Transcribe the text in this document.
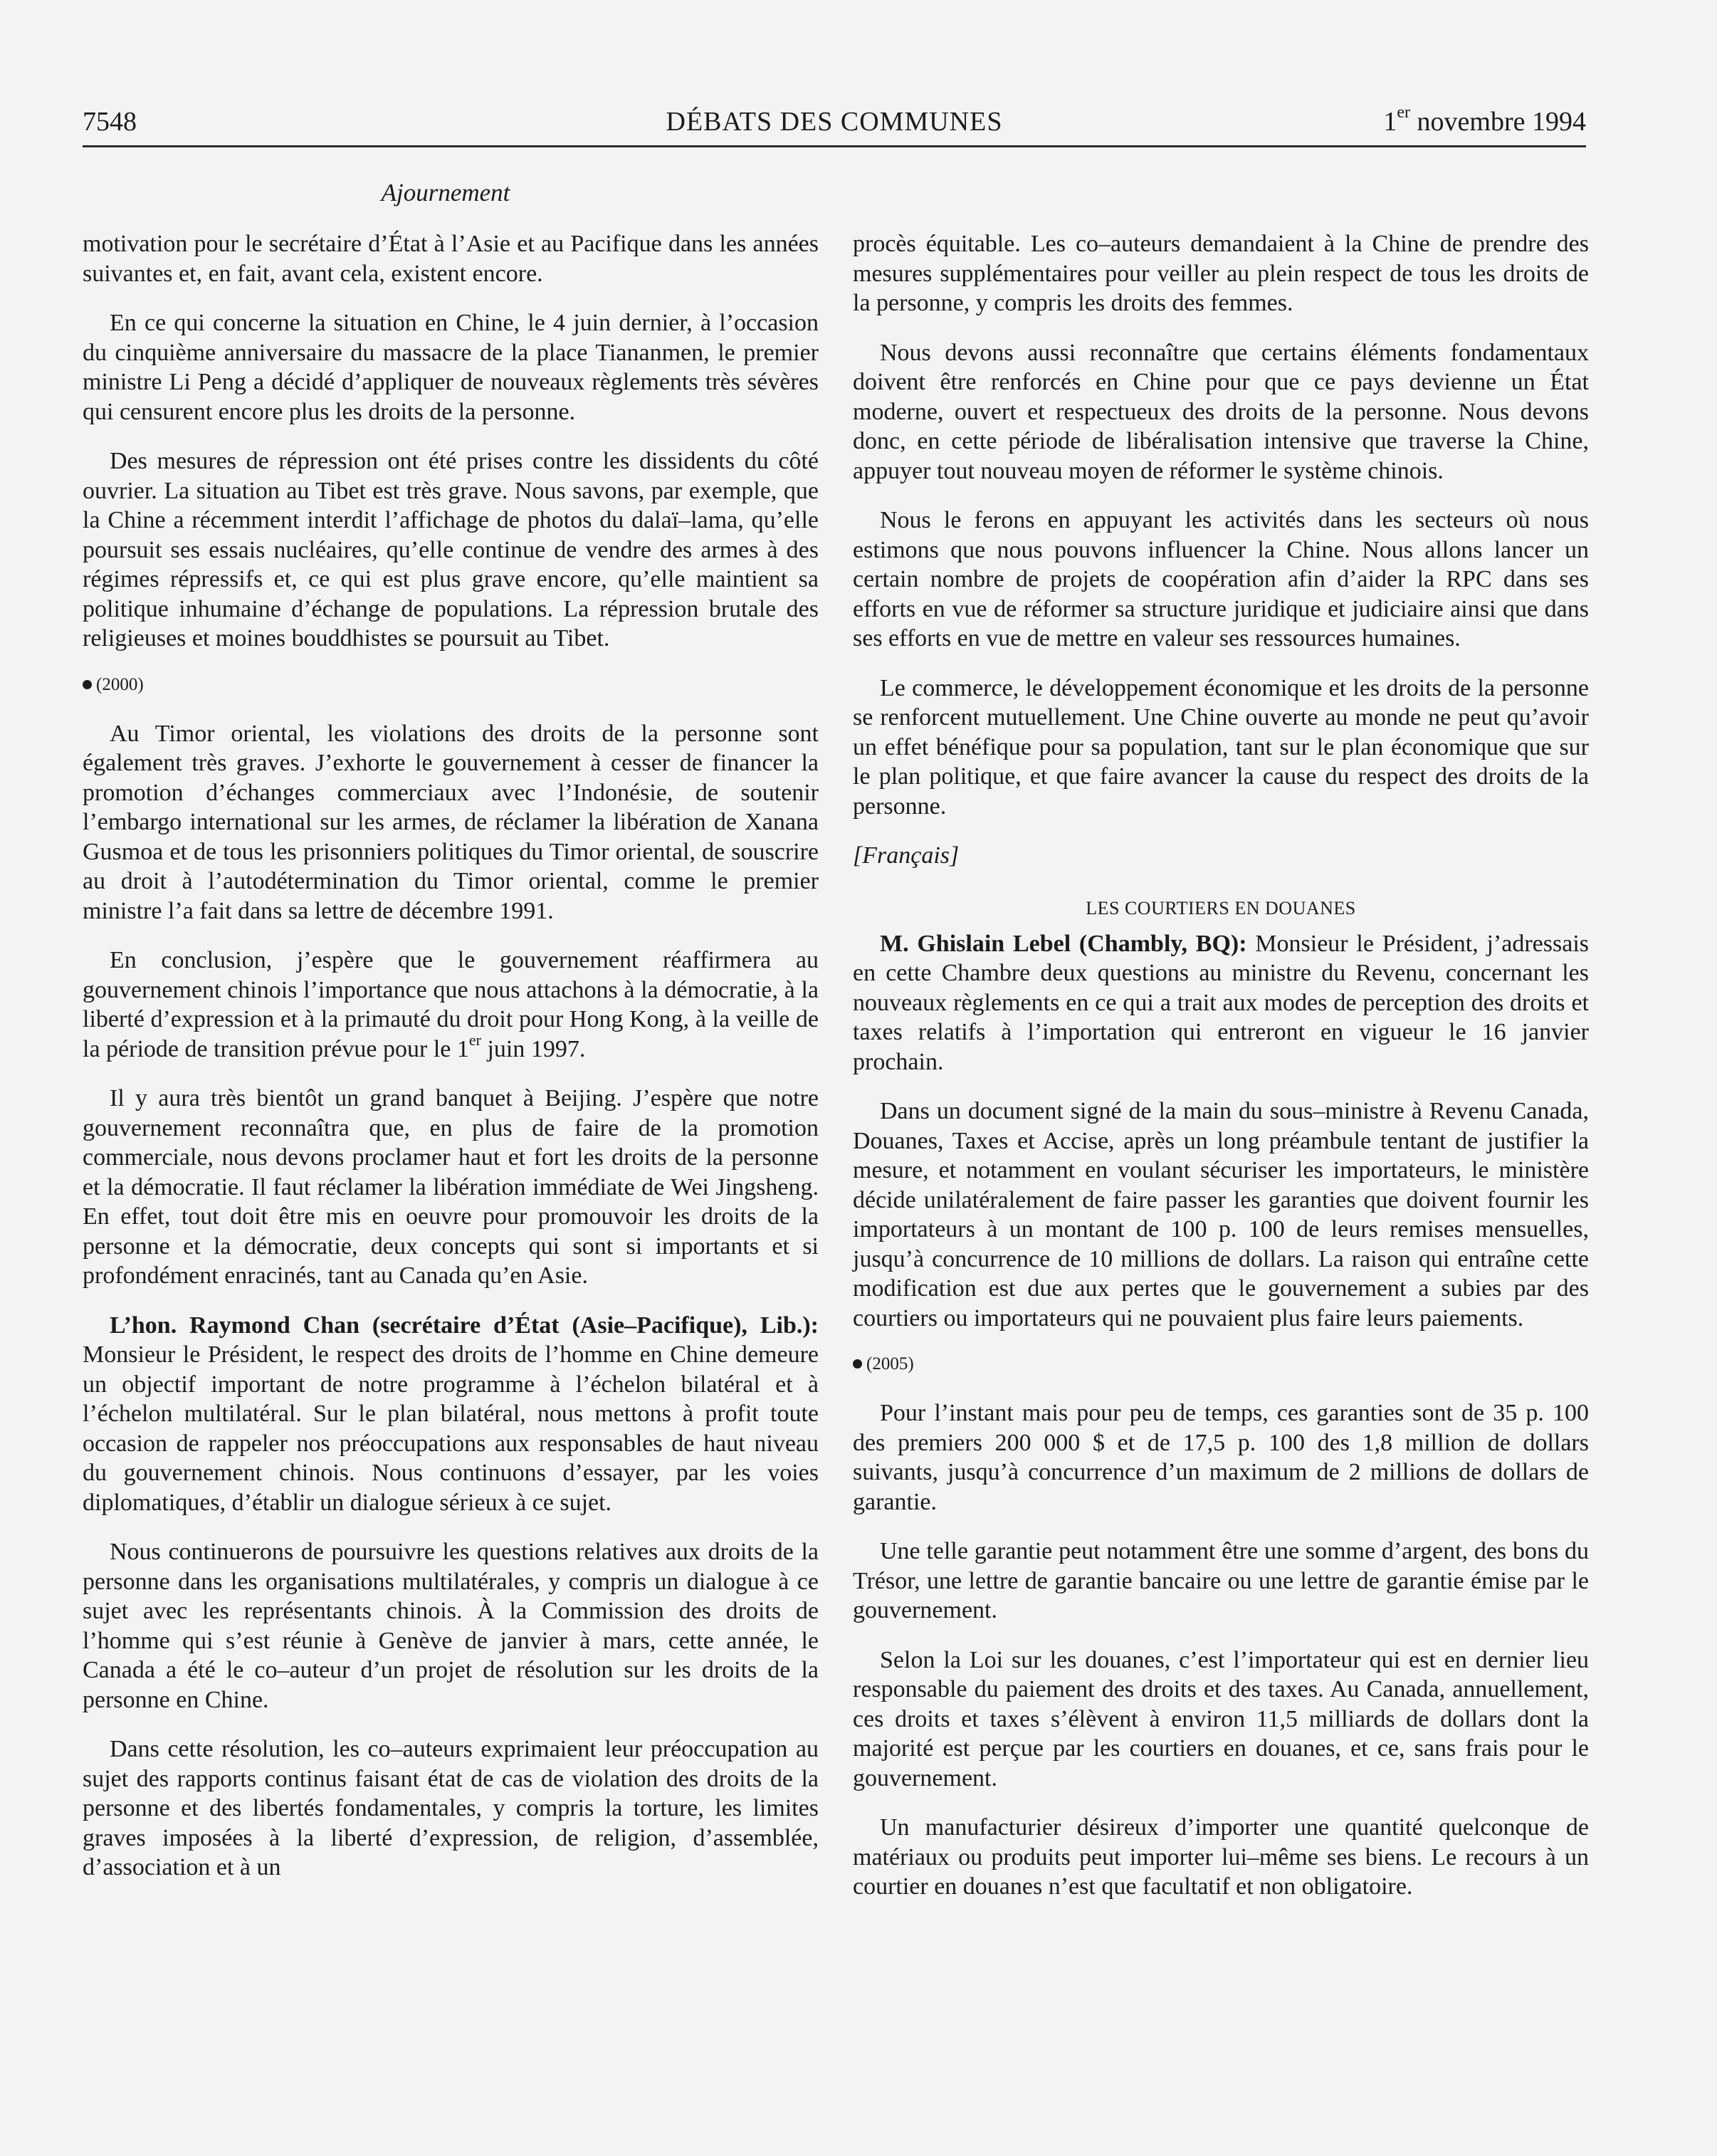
7548	DÉBATS DES COMMUNES	1er novembre 1994
Ajournement

motivation pour le secrétaire d’État à l’Asie et au Pacifique dans les années suivantes et, en fait, avant cela, existent encore.

En ce qui concerne la situation en Chine, le 4 juin dernier, à l’occasion du cinquième anniversaire du massacre de la place Tiananmen, le premier ministre Li Peng a décidé d’appliquer de nouveaux règlements très sévères qui censurent encore plus les droits de la personne.

Des mesures de répression ont été prises contre les dissidents du côté ouvrier. La situation au Tibet est très grave. Nous savons, par exemple, que la Chine a récemment interdit l’affichage de photos du dalaï–lama, qu’elle poursuit ses essais nucléaires, qu’elle continue de vendre des armes à des régimes répressifs et, ce qui est plus grave encore, qu’elle maintient sa politique inhumaine d’échange de populations. La répression brutale des religieuses et moines bouddhistes se poursuit au Tibet.

(2000)

Au Timor oriental, les violations des droits de la personne sont également très graves. J’exhorte le gouvernement à cesser de financer la promotion d’échanges commerciaux avec l’Indonésie, de soutenir l’embargo international sur les armes, de réclamer la libération de Xanana Gusmoa et de tous les prisonniers politiques du Timor oriental, de souscrire au droit à l’autodétermination du Timor oriental, comme le premier ministre l’a fait dans sa lettre de décembre 1991.

En conclusion, j’espère que le gouvernement réaffirmera au gouvernement chinois l’importance que nous attachons à la démocratie, à la liberté d’expression et à la primauté du droit pour Hong Kong, à la veille de la période de transition prévue pour le 1er juin 1997.

Il y aura très bientôt un grand banquet à Beijing. J’espère que notre gouvernement reconnaîtra que, en plus de faire de la promotion commerciale, nous devons proclamer haut et fort les droits de la personne et la démocratie. Il faut réclamer la libération immédiate de Wei Jingsheng. En effet, tout doit être mis en oeuvre pour promouvoir les droits de la personne et la démocratie, deux concepts qui sont si importants et si profondément enracinés, tant au Canada qu’en Asie.

L’hon. Raymond Chan (secrétaire d’État (Asie–Pacifique), Lib.): Monsieur le Président, le respect des droits de l’homme en Chine demeure un objectif important de notre programme à l’échelon bilatéral et à l’échelon multilatéral. Sur le plan bilatéral, nous mettons à profit toute occasion de rappeler nos préoccupations aux responsables de haut niveau du gouvernement chinois. Nous continuons d’essayer, par les voies diplomatiques, d’établir un dialogue sérieux à ce sujet.

Nous continuerons de poursuivre les questions relatives aux droits de la personne dans les organisations multilatérales, y compris un dialogue à ce sujet avec les représentants chinois. À la Commission des droits de l’homme qui s’est réunie à Genève de janvier à mars, cette année, le Canada a été le co–auteur d’un projet de résolution sur les droits de la personne en Chine.

Dans cette résolution, les co–auteurs exprimaient leur préoccupation au sujet des rapports continus faisant état de cas de violation des droits de la personne et des libertés fondamentales, y compris la torture, les limites graves imposées à la liberté d’expression, de religion, d’assemblée, d’association et à un

procès équitable. Les co–auteurs demandaient à la Chine de prendre des mesures supplémentaires pour veiller au plein respect de tous les droits de la personne, y compris les droits des femmes.

Nous devons aussi reconnaître que certains éléments fondamentaux doivent être renforcés en Chine pour que ce pays devienne un État moderne, ouvert et respectueux des droits de la personne. Nous devons donc, en cette période de libéralisation intensive que traverse la Chine, appuyer tout nouveau moyen de réformer le système chinois.

Nous le ferons en appuyant les activités dans les secteurs où nous estimons que nous pouvons influencer la Chine. Nous allons lancer un certain nombre de projets de coopération afin d’aider la RPC dans ses efforts en vue de réformer sa structure juridique et judiciaire ainsi que dans ses efforts en vue de mettre en valeur ses ressources humaines.

Le commerce, le développement économique et les droits de la personne se renforcent mutuellement. Une Chine ouverte au monde ne peut qu’avoir un effet bénéfique pour sa population, tant sur le plan économique que sur le plan politique, et que faire avancer la cause du respect des droits de la personne.

[Français]
LES COURTIERS EN DOUANES

M. Ghislain Lebel (Chambly, BQ): Monsieur le Président, j’adressais en cette Chambre deux questions au ministre du Revenu, concernant les nouveaux règlements en ce qui a trait aux modes de perception des droits et taxes relatifs à l’importation qui entreront en vigueur le 16 janvier prochain.

Dans un document signé de la main du sous–ministre à Revenu Canada, Douanes, Taxes et Accise, après un long préambule tentant de justifier la mesure, et notamment en voulant sécuriser les importateurs, le ministère décide unilatéralement de faire passer les garanties que doivent fournir les importateurs à un montant de 100 p. 100 de leurs remises mensuelles, jusqu’à concurrence de 10 millions de dollars. La raison qui entraîne cette modification est due aux pertes que le gouvernement a subies par des courtiers ou importateurs qui ne pouvaient plus faire leurs paiements.

(2005)

Pour l’instant mais pour peu de temps, ces garanties sont de 35 p. 100 des premiers 200 000 $ et de 17,5 p. 100 des 1,8 million de dollars suivants, jusqu’à concurrence d’un maximum de 2 millions de dollars de garantie.

Une telle garantie peut notamment être une somme d’argent, des bons du Trésor, une lettre de garantie bancaire ou une lettre de garantie émise par le gouvernement.

Selon la Loi sur les douanes, c’est l’importateur qui est en dernier lieu responsable du paiement des droits et des taxes. Au Canada, annuellement, ces droits et taxes s’élèvent à environ 11,5 milliards de dollars dont la majorité est perçue par les courtiers en douanes, et ce, sans frais pour le gouvernement.

Un manufacturier désireux d’importer une quantité quelconque de matériaux ou produits peut importer lui–même ses biens. Le recours à un courtier en douanes n’est que facultatif et non obligatoire.
